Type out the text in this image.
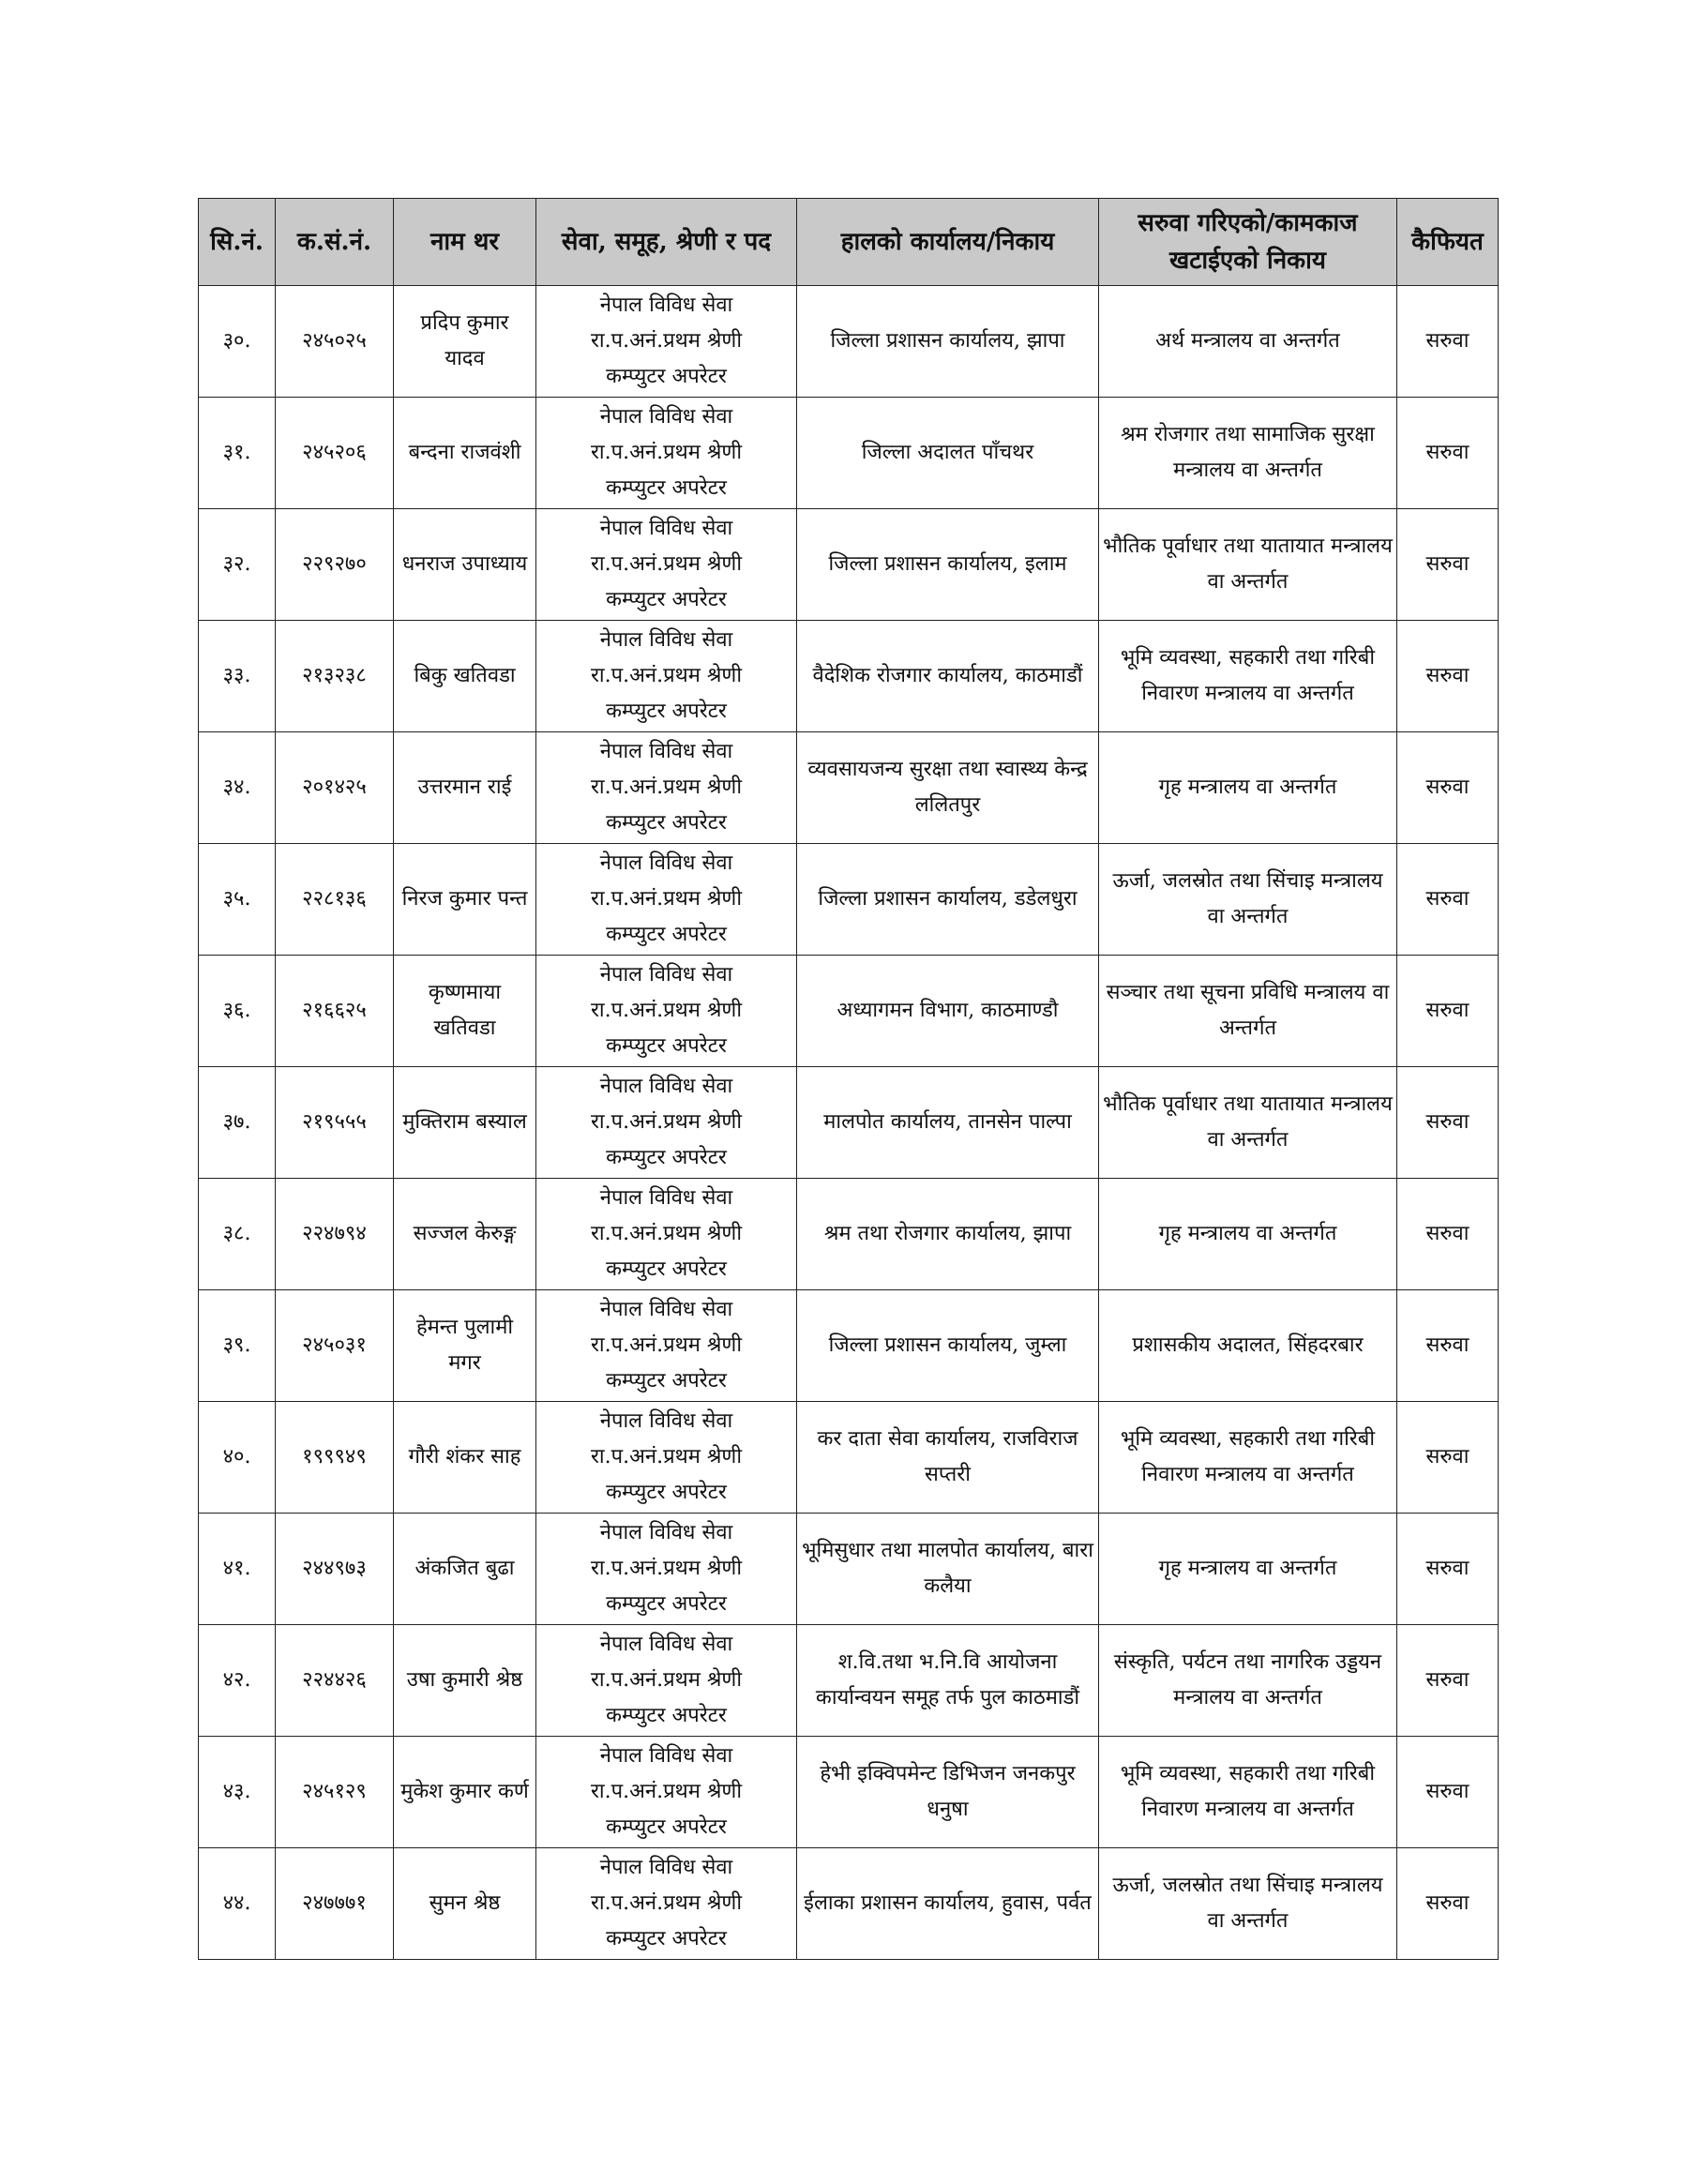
सि.नं.	क.सं.नं.	नाम थर	सेवा, समूह, श्रेणी र पद	हालको कार्यालय/निकाय	सरुवा गरिएको/कामकाज खटाईएको निकाय	कैफियत
३०.	२४५०२५	प्रदिप कुमार यादव	नेपाल विविध सेवा
रा.प.अनं.प्रथम श्रेणी
कम्प्युटर अपरेटर	जिल्ला प्रशासन कार्यालय, झापा	अर्थ मन्त्रालय वा अन्तर्गत	सरुवा
३१.	२४५२०६	बन्दना राजवंशी	नेपाल विविध सेवा
रा.प.अनं.प्रथम श्रेणी
कम्प्युटर अपरेटर	जिल्ला अदालत पाँचथर	श्रम रोजगार तथा सामाजिक सुरक्षा मन्त्रालय वा अन्तर्गत	सरुवा
३२.	२२९२७०	धनराज उपाध्याय	नेपाल विविध सेवा
रा.प.अनं.प्रथम श्रेणी
कम्प्युटर अपरेटर	जिल्ला प्रशासन कार्यालय, इलाम	भौतिक पूर्वाधार तथा यातायात मन्त्रालय वा अन्तर्गत	सरुवा
३३.	२१३२३८	बिकु खतिवडा	नेपाल विविध सेवा
रा.प.अनं.प्रथम श्रेणी
कम्प्युटर अपरेटर	वैदेशिक रोजगार कार्यालय, काठमाडौं	भूमि व्यवस्था, सहकारी तथा गरिबी निवारण मन्त्रालय वा अन्तर्गत	सरुवा
३४.	२०१४२५	उत्तरमान राई	नेपाल विविध सेवा
रा.प.अनं.प्रथम श्रेणी
कम्प्युटर अपरेटर	व्यवसायजन्य सुरक्षा तथा स्वास्थ्य केन्द्र ललितपुर	गृह मन्त्रालय वा अन्तर्गत	सरुवा
३५.	२२८१३६	निरज कुमार पन्त	नेपाल विविध सेवा
रा.प.अनं.प्रथम श्रेणी
कम्प्युटर अपरेटर	जिल्ला प्रशासन कार्यालय, डडेलधुरा	ऊर्जा, जलस्रोत तथा सिंचाइ मन्त्रालय वा अन्तर्गत	सरुवा
३६.	२१६६२५	कृष्णमाया खतिवडा	नेपाल विविध सेवा
रा.प.अनं.प्रथम श्रेणी
कम्प्युटर अपरेटर	अध्यागमन विभाग, काठमाण्डौ	सञ्चार तथा सूचना प्रविधि मन्त्रालय वा अन्तर्गत	सरुवा
३७.	२१९५५५	मुक्तिराम बस्याल	नेपाल विविध सेवा
रा.प.अनं.प्रथम श्रेणी
कम्प्युटर अपरेटर	मालपोत कार्यालय, तानसेन पाल्पा	भौतिक पूर्वाधार तथा यातायात मन्त्रालय वा अन्तर्गत	सरुवा
३८.	२२४७९४	सज्जल केरुङ्ग	नेपाल विविध सेवा
रा.प.अनं.प्रथम श्रेणी
कम्प्युटर अपरेटर	श्रम तथा रोजगार कार्यालय, झापा	गृह मन्त्रालय वा अन्तर्गत	सरुवा
३९.	२४५०३१	हेमन्त पुलामी मगर	नेपाल विविध सेवा
रा.प.अनं.प्रथम श्रेणी
कम्प्युटर अपरेटर	जिल्ला प्रशासन कार्यालय, जुम्ला	प्रशासकीय अदालत, सिंहदरबार	सरुवा
४०.	१९९९४९	गौरी शंकर साह	नेपाल विविध सेवा
रा.प.अनं.प्रथम श्रेणी
कम्प्युटर अपरेटर	कर दाता सेवा कार्यालय, राजविराज सप्तरी	भूमि व्यवस्था, सहकारी तथा गरिबी निवारण मन्त्रालय वा अन्तर्गत	सरुवा
४१.	२४४९७३	अंकजित बुढा	नेपाल विविध सेवा
रा.प.अनं.प्रथम श्रेणी
कम्प्युटर अपरेटर	भूमिसुधार तथा मालपोत कार्यालय, बारा कलैया	गृह मन्त्रालय वा अन्तर्गत	सरुवा
४२.	२२४४२६	उषा कुमारी श्रेष्ठ	नेपाल विविध सेवा
रा.प.अनं.प्रथम श्रेणी
कम्प्युटर अपरेटर	श.वि.तथा भ.नि.वि आयोजना कार्यान्वयन समूह तर्फ पुल काठमाडौं	संस्कृति, पर्यटन तथा नागरिक उड्डयन मन्त्रालय वा अन्तर्गत	सरुवा
४३.	२४५१२९	मुकेश कुमार कर्ण	नेपाल विविध सेवा
रा.प.अनं.प्रथम श्रेणी
कम्प्युटर अपरेटर	हेभी इक्विपमेन्ट डिभिजन जनकपुर धनुषा	भूमि व्यवस्था, सहकारी तथा गरिबी निवारण मन्त्रालय वा अन्तर्गत	सरुवा
४४.	२४७७७१	सुमन श्रेष्ठ	नेपाल विविध सेवा
रा.प.अनं.प्रथम श्रेणी
कम्प्युटर अपरेटर	ईलाका प्रशासन कार्यालय, हुवास, पर्वत	ऊर्जा, जलस्रोत तथा सिंचाइ मन्त्रालय वा अन्तर्गत	सरुवा
